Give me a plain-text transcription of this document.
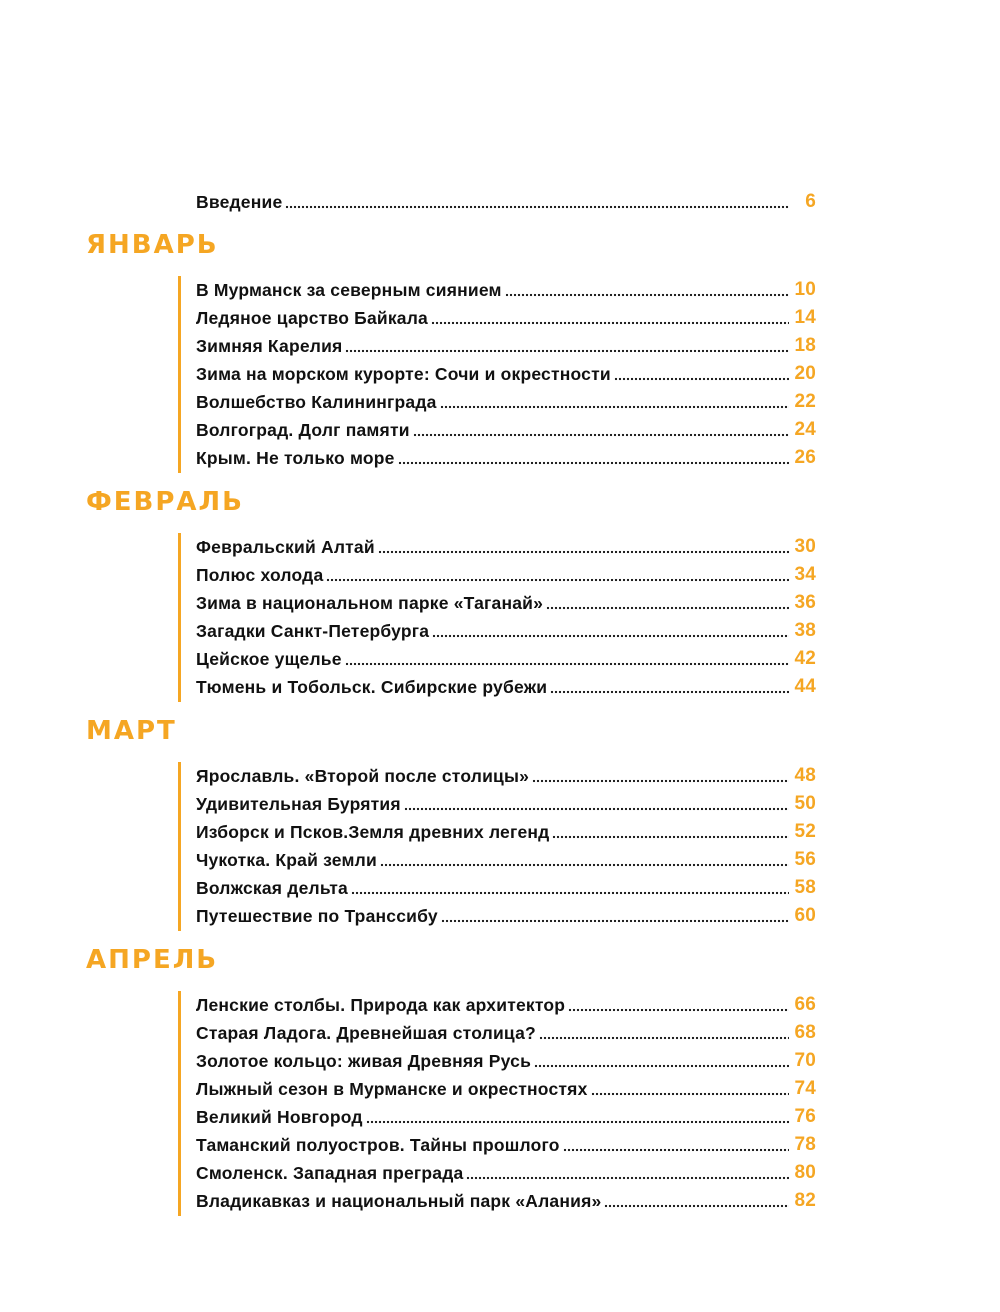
Введение	6
ЯНВАРЬ
В Мурманск за северным сиянием	10
Ледяное царство Байкала	14
Зимняя Карелия	18
Зима на морском курорте: Сочи и окрестности	20
Волшебство Калининграда	22
Волгоград. Долг памяти	24
Крым. Не только море	26
ФЕВРАЛЬ
Февральский Алтай	30
Полюс холода	34
Зима в национальном парке «Таганай»	36
Загадки Санкт-Петербурга	38
Цейское ущелье	42
Тюмень и Тобольск. Сибирские рубежи	44
МАРТ
Ярославль. «Второй после столицы»	48
Удивительная Бурятия	50
Изборск и Псков.Земля древних легенд	52
Чукотка. Край земли	56
Волжская дельта	58
Путешествие по Транссибу	60
АПРЕЛЬ
Ленские столбы. Природа как архитектор	66
Старая Ладога. Древнейшая столица?	68
Золотое кольцо: живая Древняя Русь	70
Лыжный сезон в Мурманске и окрестностях	74
Великий Новгород	76
Таманский полуостров. Тайны прошлого	78
Смоленск. Западная преграда	80
Владикавказ и национальный парк «Алания»	82
